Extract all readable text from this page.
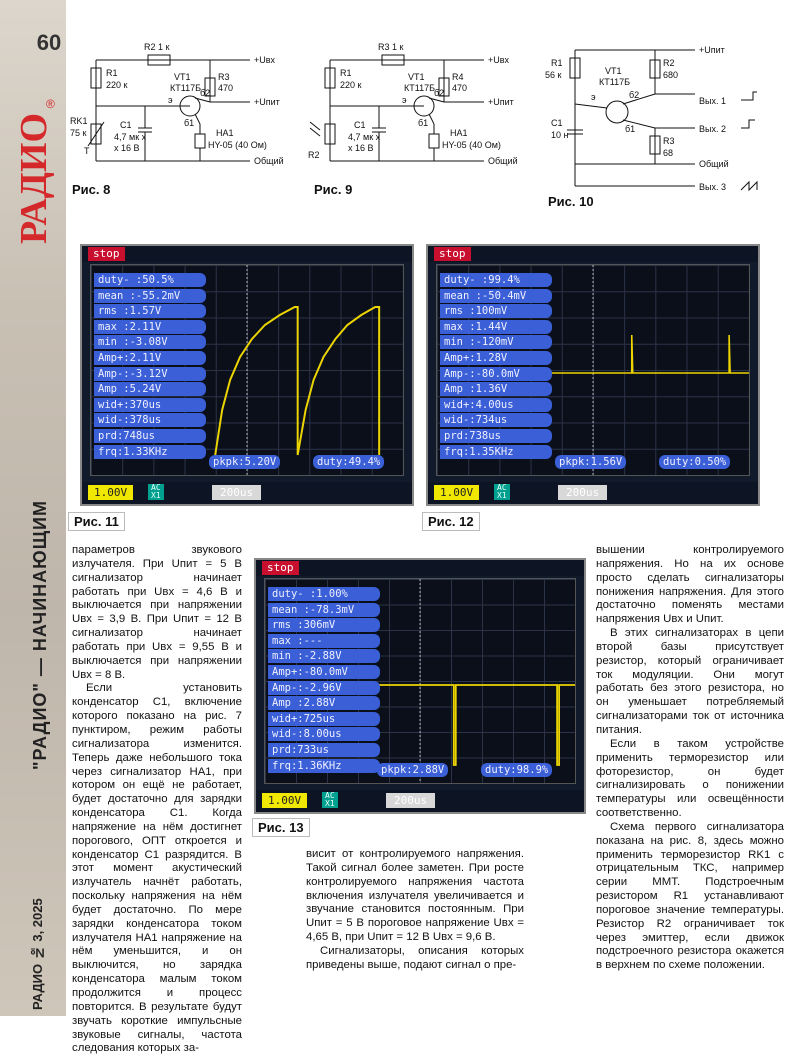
60
РАДИО
®
"РАДИО" — НАЧИНАЮЩИМ
РАДИО № 3, 2025
R2 1 к
+Uвх
R1
220 к
VT1
КТ117Б
R3
470
RK1
75 к
T
э
б2
+Uпит
C1
4,7 мк х
х 16 В
б1
HA1
HY-05 (40 Ом)
Общий
Рис. 8
R3 1 к
+Uвх
R1
220 к
VT1
КТ117Б
R4
470
э
б2
+Uпит
C1
4,7 мк х
х 16 В
б1
R2
HA1
HY-05 (40 Ом)
Общий
Рис. 9
+Uпит
R1
56 к	VT1
КТ117Б
R2
680
э	б2
Вых. 1
C1
10 н
б1	Вых. 2
R3
68
Общий
Вых. 3
Рис. 10
stop
duty- :50.5%
mean :-55.2mV
rms :1.57V
max :2.11V
min :-3.08V
Amp+:2.11V
Amp-:-3.12V
Amp :5.24V
wid+:370us
wid-:378us
prd:748us
frq:1.33KHz
pkpk:5.20V	duty:49.4%
1.00V	AC
X1	200us
Рис. 11
stop
duty- :99.4%
mean :-50.4mV
rms :100mV
max :1.44V
min :-120mV
Amp+:1.28V
Amp-:-80.0mV
Amp :1.36V
wid+:4.00us
wid-:734us
prd:738us
frq:1.35KHz
pkpk:1.56V	duty:0.50%
1.00V	AC
X1	200us
Рис. 12
stop
duty- :1.00%
mean :-78.3mV
rms :306mV
max :---
min :-2.88V
Amp+:-80.0mV
Amp-:-2.96V
Amp :2.88V
wid+:725us
wid-:8.00us
prd:733us
frq:1.36KHz	pkpk:2.88V	duty:98.9%
1.00V	AC
X1	200us
Рис. 13

параметров звукового излучателя. При Uпит = 5 В сигнализатор начинает работать при Uвх = 4,6 В и выключается при напряжении Uвх = 3,9 В. При Uпит = 12 В сигнализатор начинает работать при Uвх = 9,55 В и выключается при напряжении Uвх = 8 В.

Если установить конденсатор C1, включение которого показано на рис. 7 пунктиром, режим работы сигнализатора изменится. Теперь даже небольшого тока через сигнализатор HA1, при котором он ещё не работает, будет достаточно для зарядки конденсатора C1. Когда напряжение на нём достигнет порогового, ОПТ откроется и конденсатор C1 разрядится. В этот момент акустический излучатель начнёт работать, поскольку напряжения на нём будет достаточно. По мере зарядки конденсатора током излучателя HA1 напряжение на нём уменьшится, и он выключится, но зарядка конденсатора малым током продолжится и процесс повторится. В результате будут звучать короткие импульсные звуковые сигналы, частота следования которых за-

висит от контролируемого напряжения. Такой сигнал более заметен. При росте контролируемого напряжения частота включения излучателя увеличивается и звучание становится постоянным. При Uпит = 5 В пороговое напряжение Uвх = 4,65 В, при Uпит = 12 В Uвх = 9,6 В.

Сигнализаторы, описания которых приведены выше, подают сигнал о пре-

вышении контролируемого напряжения. Но на их основе просто сделать сигнализаторы понижения напряжения. Для этого достаточно поменять местами напряжения Uвх и Uпит.

В этих сигнализаторах в цепи второй базы присутствует резистор, который ограничивает ток модуляции. Они могут работать без этого резистора, но он уменьшает потребляемый сигнализаторами ток от источника питания.

Если в таком устройстве применить терморезистор или фоторезистор, он будет сигнализировать о понижении температуры или освещённости соответственно.

Схема первого сигнализатора показана на рис. 8, здесь можно применить терморезистор RK1 с отрицательным ТКС, например серии ММТ. Подстроечным резистором R1 устанавливают пороговое значение температуры. Резистор R2 ограничивает ток через эмиттер, если движок подстроечного резистора окажется в верхнем по схеме положении.
